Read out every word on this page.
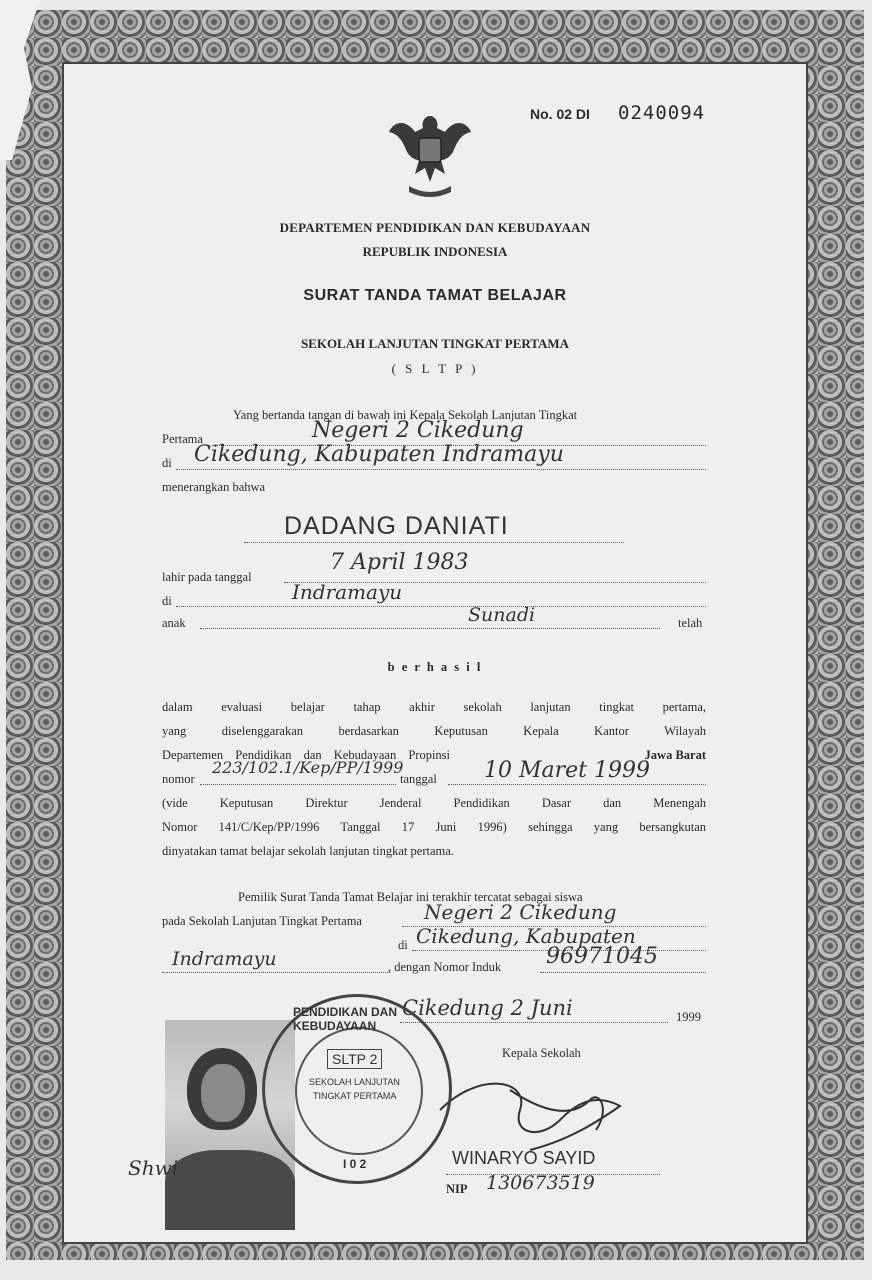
No. 02 DI 0240094
DEPARTEMEN PENDIDIKAN DAN KEBUDAYAAN
REPUBLIK INDONESIA
SURAT TANDA TAMAT BELAJAR
SEKOLAH LANJUTAN TINGKAT PERTAMA
( S L T P )
Yang bertanda tangan di bawah ini Kepala Sekolah Lanjutan Tingkat
Pertama	Negeri 2 Cikedung
di Cikedung, Kabupaten Indramayu
menerangkan bahwa
DADANG DANIATI
lahir pada tanggal
7 April 1983
di	Indramayu
anak	Sunadi	telah
b e r h a s i l
dalam evaluasi belajar tahap akhir sekolah lanjutan tingkat pertama,
yang diselenggarakan berdasarkan Keputusan Kepala Kantor Wilayah
Departemen Pendidikan dan Kebudayaan Propinsi	Jawa Barat
nomor
223/102.1/Kep/PP/1999
tanggal 10 Maret 1999
(vide Keputusan Direktur Jenderal Pendidikan Dasar dan Menengah
Nomor 141/C/Kep/PP/1996 Tanggal 17 Juni 1996) sehingga yang bersangkutan
dinyatakan tamat belajar sekolah lanjutan tingkat pertama.
Pemilik Surat Tanda Tamat Belajar ini terakhir tercatat sebagai siswa
pada Sekolah Lanjutan Tingkat Pertama	Negeri 2 Cikedung
di Cikedung, Kabupaten
Indramayu	, dengan Nomor Induk 96971045
Cikedung 2 Juni	1999
Kepala Sekolah
WINARYO SAYID
NIP 130673519
Shwi
PENDIDIKAN DAN KEBUDAYAAN
SLTP 2
SEKOLAH LANJUTAN
TINGKAT PERTAMA
I 0 2
